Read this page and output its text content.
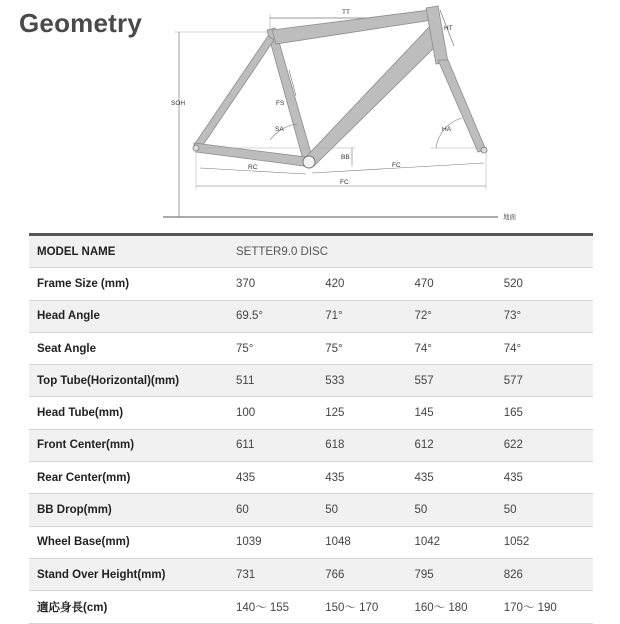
Geometry
地面
SOH
TT
HT
FS
SA	HA
BB
RC	FC
FC
MODEL NAME	SETTER9.0 DISC			
Frame Size (mm)	370	420	470	520
Head Angle	69.5°	71°	72°	73°
Seat Angle	75°	75°	74°	74°
Top Tube(Horizontal)(mm)	511	533	557	577
Head Tube(mm)	100	125	145	165
Front Center(mm)	611	618	612	622
Rear Center(mm)	435	435	435	435
BB Drop(mm)	60	50	50	50
Wheel Base(mm)	1039	1048	1042	1052
Stand Over Height(mm)	731	766	795	826
適応身長(cm)	140～ 155	150～ 170	160～ 180	170～ 190
